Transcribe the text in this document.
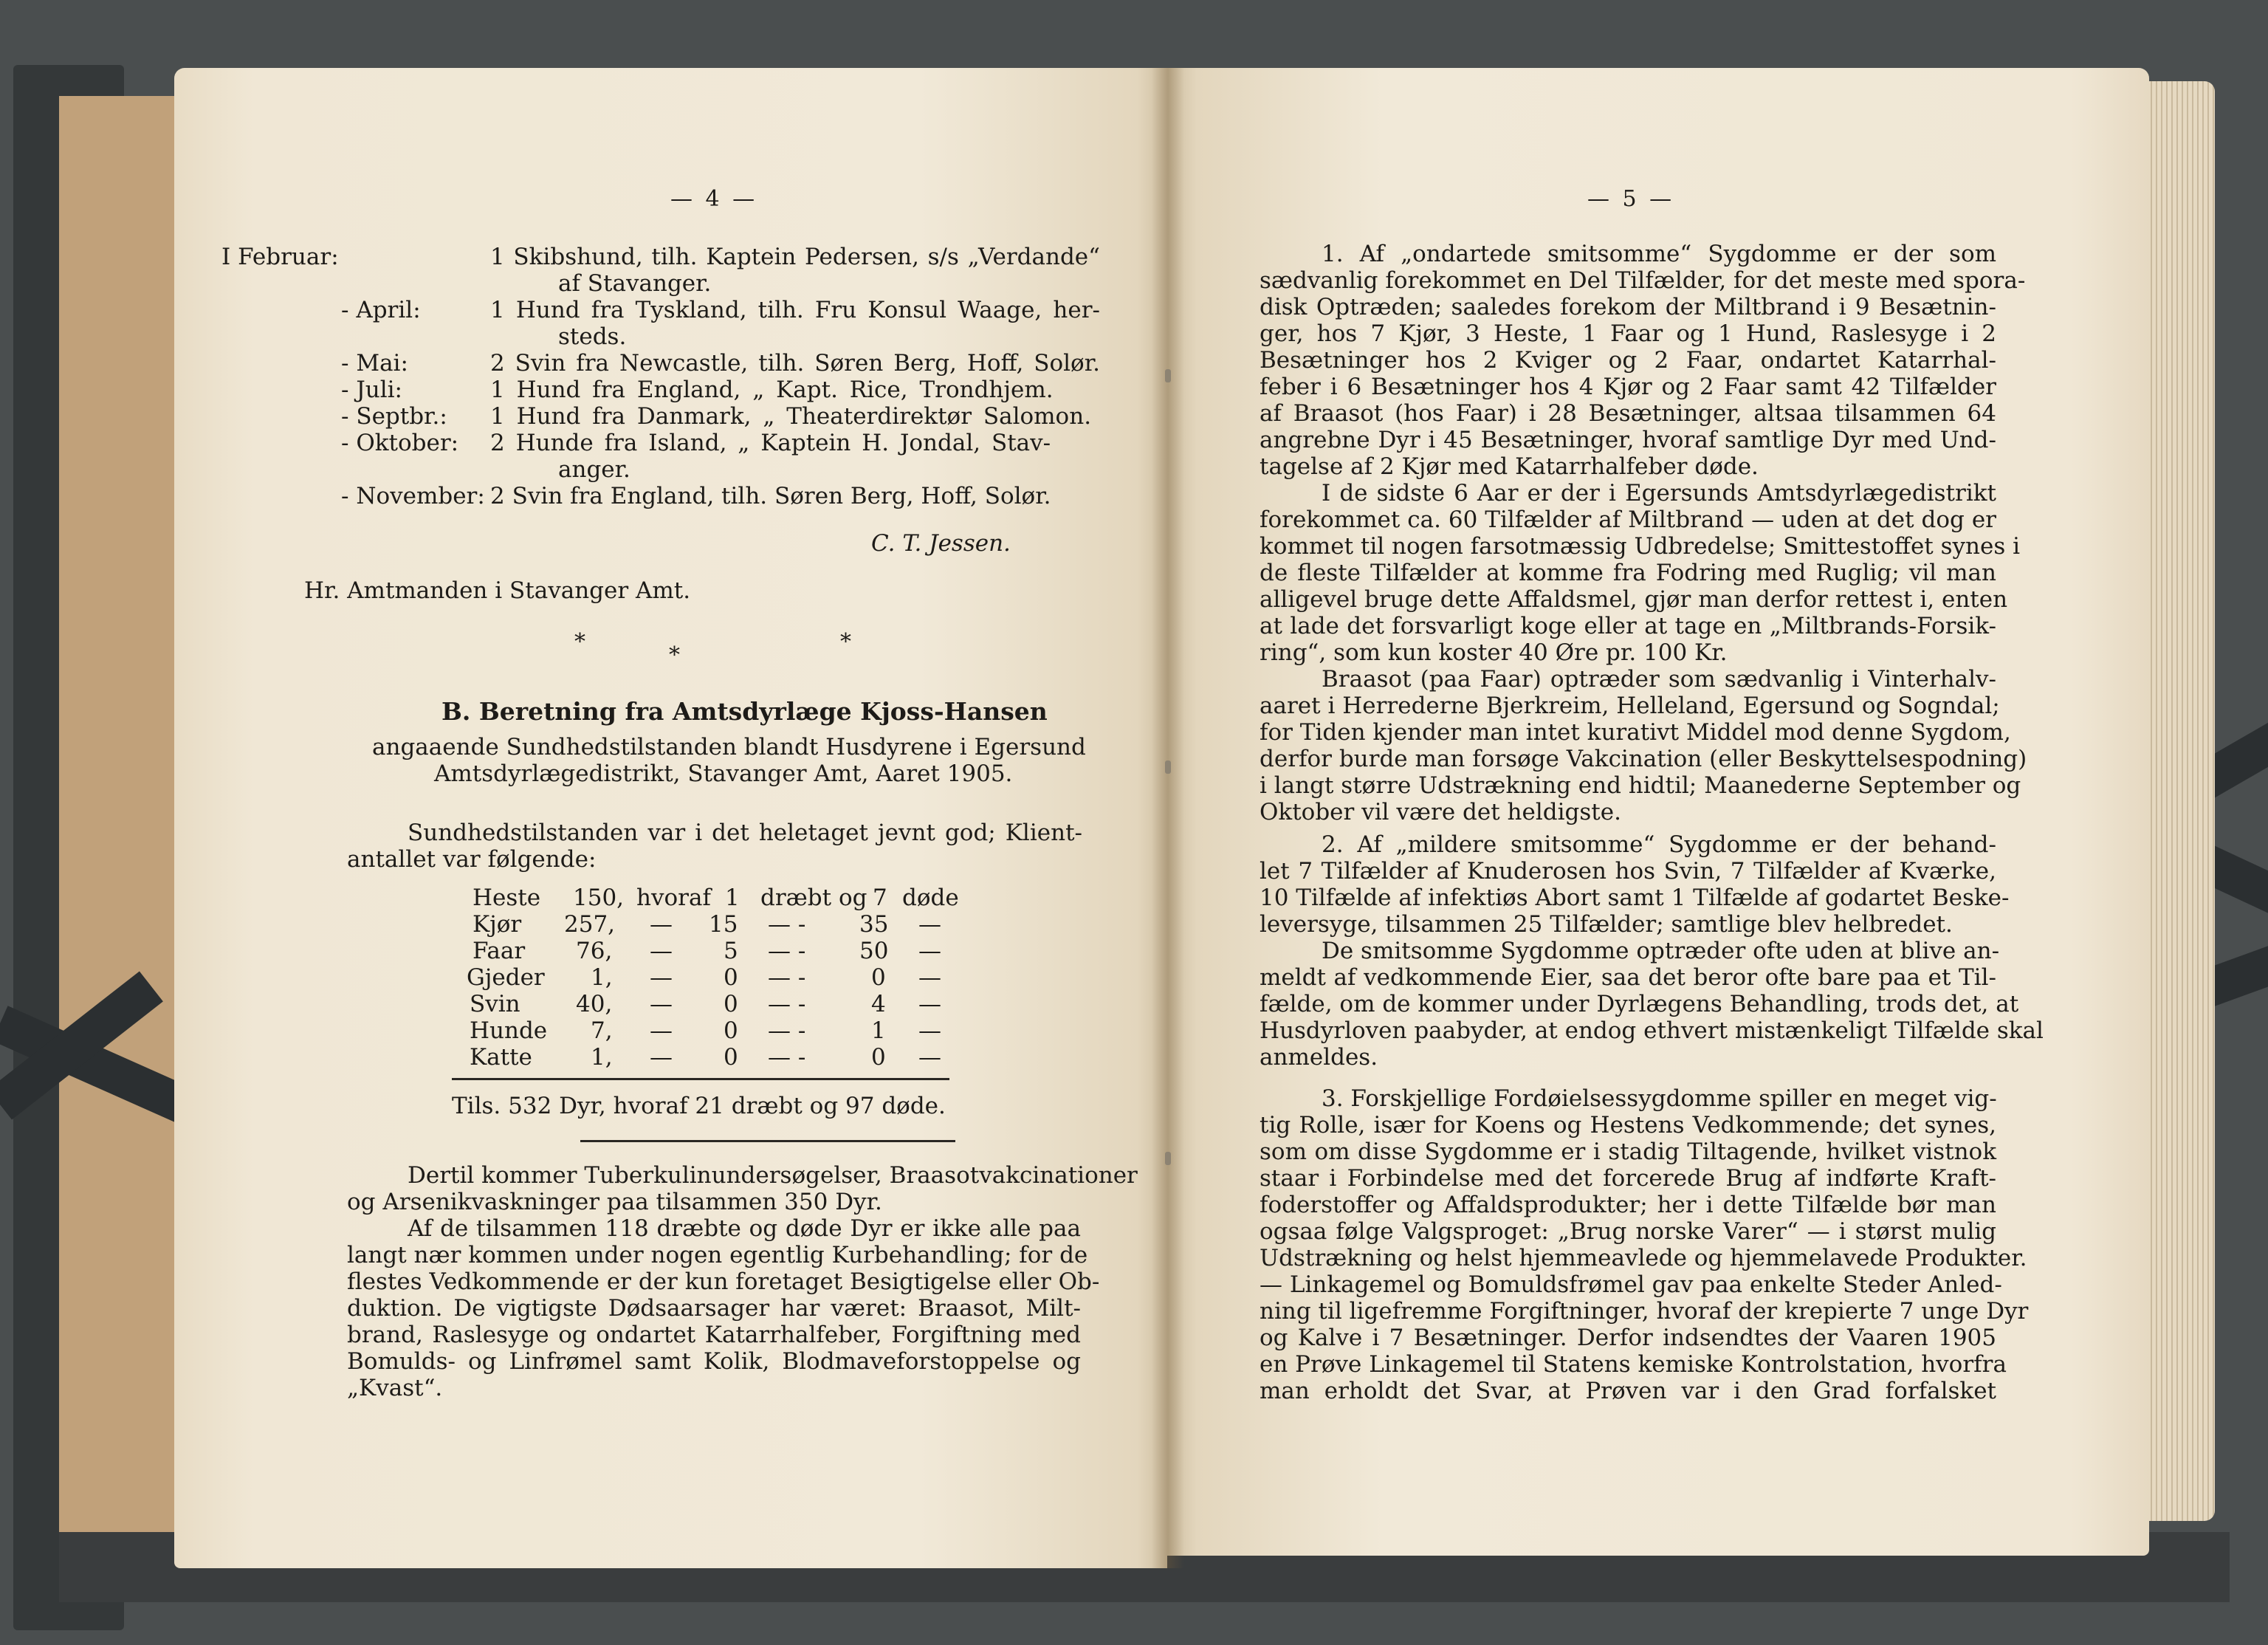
— 4 —
I Februar:	1 Skibshund, tilh. Kaptein Pedersen, s/s „Verdande“
af Stavanger.
- April:	1 Hund fra Tyskland, tilh. Fru Konsul Waage, her-
steds.
- Mai:	2 Svin fra Newcastle, tilh. Søren Berg, Hoff, Solør.
- Juli:	1 Hund fra England, „ Kapt. Rice, Trondhjem.
- Septbr.: 1 Hund fra Danmark, „ Theaterdirektør Salomon.
- Oktober: 2 Hunde fra Island, „ Kaptein H. Jondal, Stav-
anger.
- November: 2 Svin fra England, tilh. Søren Berg, Hoff, Solør.
C. T. Jessen.
Hr. Amtmanden i Stavanger Amt.
*
*
*
B. Beretning fra Amtsdyrlæge Kjoss-Hansen
angaaende Sundhedstilstanden blandt Husdyrene i Egersund
Amtsdyrlægedistrikt, Stavanger Amt, Aaret 1905.
Sundhedstilstanden var i det heletaget jevnt god; Klient-
antallet var følgende:
Heste 150, hvoraf 1 dræbt og 7 døde
Kjør 257, — 15 — - 35 —
Faar 76, — 5 — - 50 —
Gjeder 1, — 0 — -	0 —
Svin 40, — 0 — -	4 —
Hunde 7, — 0 — -	1 —
Katte	1, — 0 — -	0 —
Tils. 532 Dyr, hvoraf 21 dræbt og 97 døde.
Dertil kommer Tuberkulinundersøgelser, Braasotvakcinationer
og Arsenikvaskninger paa tilsammen 350 Dyr.
Af de tilsammen 118 dræbte og døde Dyr er ikke alle paa
langt nær kommen under nogen egentlig Kurbehandling; for de
flestes Vedkommende er der kun foretaget Besigtigelse eller Ob-
duktion. De vigtigste Dødsaarsager har været: Braasot, Milt-
brand, Raslesyge og ondartet Katarrhalfeber, Forgiftning med
Bomulds- og Linfrømel samt Kolik, Blodmaveforstoppelse og
„Kvast“.
— 5 —
1. Af „ondartede smitsomme“ Sygdomme er der som
sædvanlig forekommet en Del Tilfælder, for det meste med spora-
disk Optræden; saaledes forekom der Miltbrand i 9 Besætnin-
ger, hos 7 Kjør, 3 Heste, 1 Faar og 1 Hund, Raslesyge i 2
Besætninger hos 2 Kviger og 2 Faar, ondartet Katarrhal-
feber i 6 Besætninger hos 4 Kjør og 2 Faar samt 42 Tilfælder
af Braasot (hos Faar) i 28 Besætninger, altsaa tilsammen 64
angrebne Dyr i 45 Besætninger, hvoraf samtlige Dyr med Und-
tagelse af 2 Kjør med Katarrhalfeber døde.
I de sidste 6 Aar er der i Egersunds Amtsdyrlægedistrikt
forekommet ca. 60 Tilfælder af Miltbrand — uden at det dog er
kommet til nogen farsotmæssig Udbredelse; Smittestoffet synes i
de fleste Tilfælder at komme fra Fodring med Ruglig; vil man
alligevel bruge dette Affaldsmel, gjør man derfor rettest i, enten
at lade det forsvarligt koge eller at tage en „Miltbrands-Forsik-
ring“, som kun koster 40 Øre pr. 100 Kr.
Braasot (paa Faar) optræder som sædvanlig i Vinterhalv-
aaret i Herrederne Bjerkreim, Helleland, Egersund og Sogndal;
for Tiden kjender man intet kurativt Middel mod denne Sygdom,
derfor burde man forsøge Vakcination (eller Beskyttelsespodning)
i langt større Udstrækning end hidtil; Maanederne September og
Oktober vil være det heldigste.
2. Af „mildere smitsomme“ Sygdomme er der behand-
let 7 Tilfælder af Knuderosen hos Svin, 7 Tilfælder af Kværke,
10 Tilfælde af infektiøs Abort samt 1 Tilfælde af godartet Beske-
leversyge, tilsammen 25 Tilfælder; samtlige blev helbredet.
De smitsomme Sygdomme optræder ofte uden at blive an-
meldt af vedkommende Eier, saa det beror ofte bare paa et Til-
fælde, om de kommer under Dyrlægens Behandling, trods det, at
Husdyrloven paabyder, at endog ethvert mistænkeligt Tilfælde skal
anmeldes.
3. Forskjellige Fordøielsessygdomme spiller en meget vig-
tig Rolle, især for Koens og Hestens Vedkommende; det synes,
som om disse Sygdomme er i stadig Tiltagende, hvilket vistnok
staar i Forbindelse med det forcerede Brug af indførte Kraft-
foderstoffer og Affaldsprodukter; her i dette Tilfælde bør man
ogsaa følge Valgsproget: „Brug norske Varer“ — i størst mulig
Udstrækning og helst hjemmeavlede og hjemmelavede Produkter.
— Linkagemel og Bomuldsfrømel gav paa enkelte Steder Anled-
ning til ligefremme Forgiftninger, hvoraf der krepierte 7 unge Dyr
og Kalve i 7 Besætninger. Derfor indsendtes der Vaaren 1905
en Prøve Linkagemel til Statens kemiske Kontrolstation, hvorfra
man erholdt det Svar, at Prøven var i den Grad forfalsket
